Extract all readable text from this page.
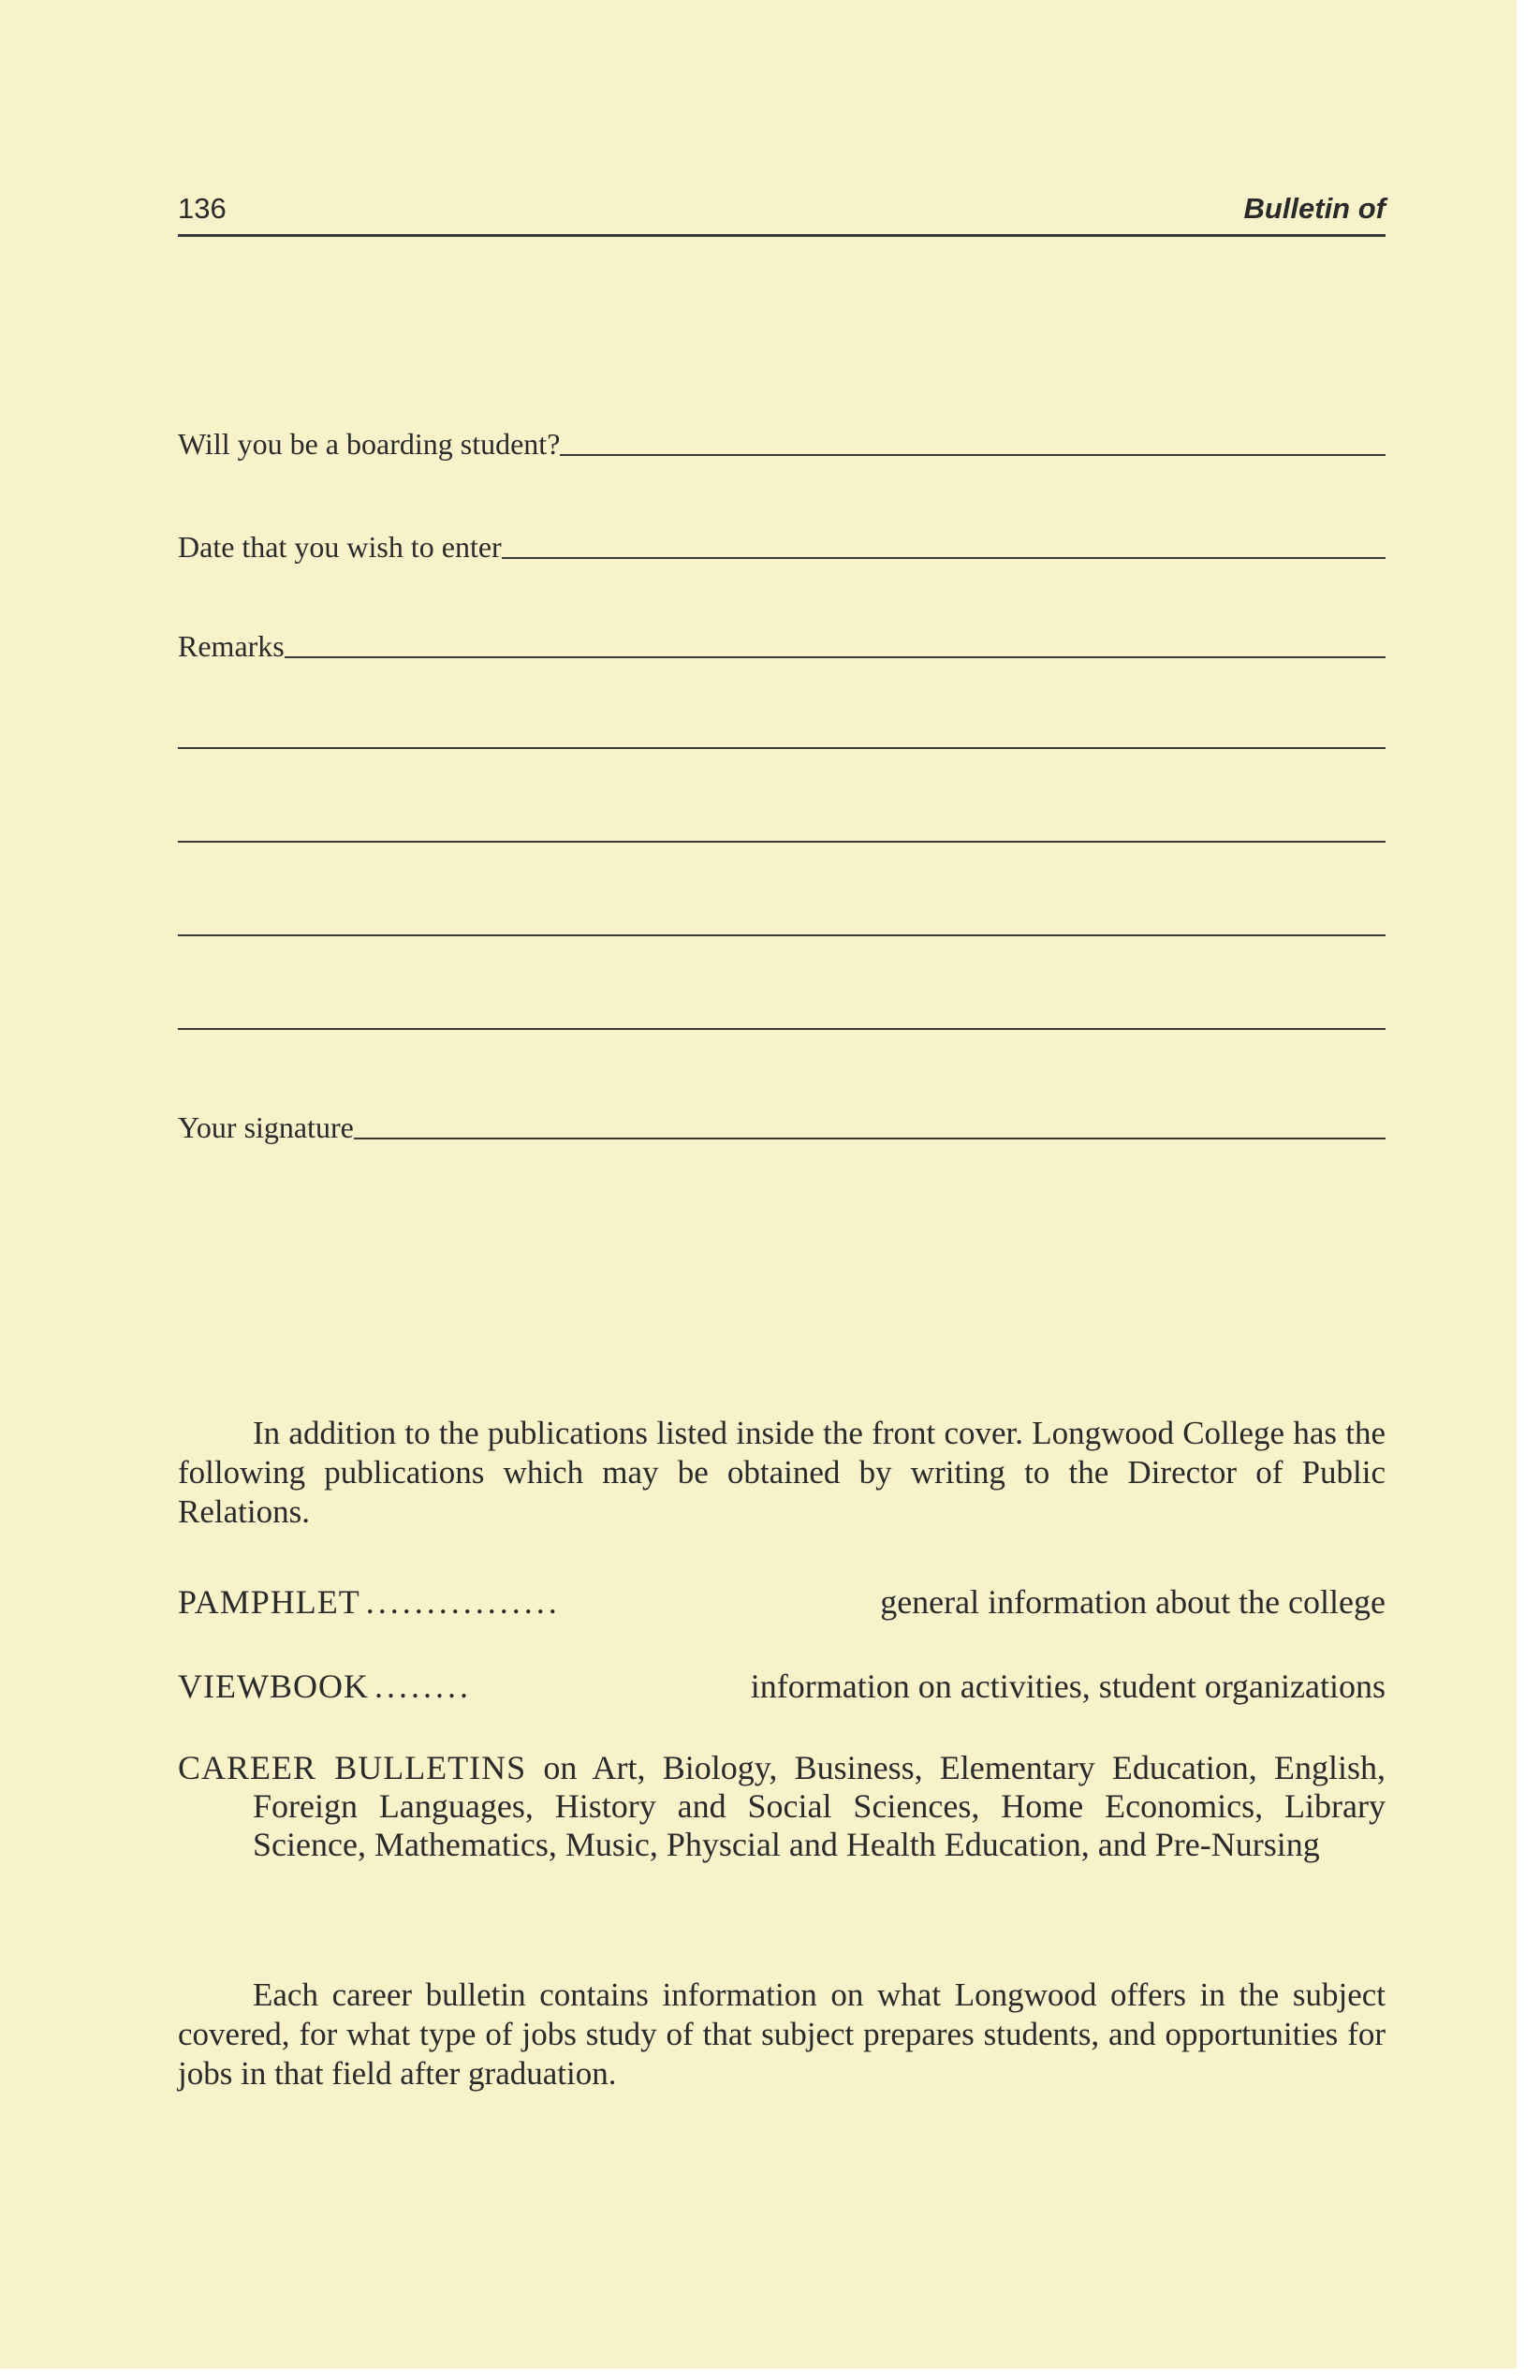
136	Bulletin of
Will you be a boarding student?
Date that you wish to enter
Remarks
Your signature
In addition to the publications listed inside the front cover. Longwood College has the following publications which may be obtained by writing to the Director of Public Relations.
PAMPHLET ................	general information about the college
VIEWBOOK ........	information on activities, student organizations
CAREER BULLETINS on Art, Biology, Business, Elementary Education, English, Foreign Languages, History and Social Sciences, Home Economics, Library Science, Mathematics, Music, Physcial and Health Education, and Pre-Nursing
Each career bulletin contains information on what Longwood offers in the subject covered, for what type of jobs study of that subject prepares students, and opportunities for jobs in that field after graduation.
